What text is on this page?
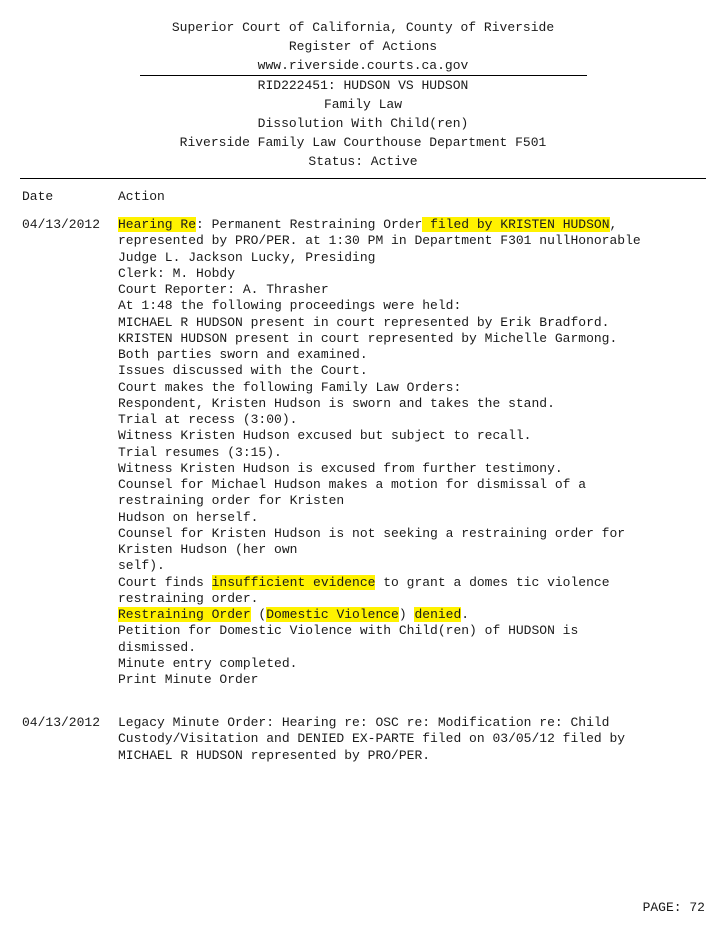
Superior Court of California, County of Riverside
Register of Actions
www.riverside.courts.ca.gov
RID222451: HUDSON VS HUDSON
Family Law
Dissolution With Child(ren)
Riverside Family Law Courthouse Department F501
Status: Active
Date	Action
04/13/2012 Hearing Re: Permanent Restraining Order filed by KRISTEN HUDSON,
represented by PRO/PER. at 1:30 PM in Department F301 nullHonorable
Judge L. Jackson Lucky, Presiding
Clerk: M. Hobdy
Court Reporter: A. Thrasher
At 1:48 the following proceedings were held:
MICHAEL R HUDSON present in court represented by Erik Bradford.
KRISTEN HUDSON present in court represented by Michelle Garmong.
Both parties sworn and examined.
Issues discussed with the Court.
Court makes the following Family Law Orders:
Respondent, Kristen Hudson is sworn and takes the stand.
Trial at recess (3:00).
Witness Kristen Hudson excused but subject to recall.
Trial resumes (3:15).
Witness Kristen Hudson is excused from further testimony.
Counsel for Michael Hudson makes a motion for dismissal of a
restraining order for Kristen
Hudson on herself.
Counsel for Kristen Hudson is not seeking a restraining order for
Kristen Hudson (her own
self).
Court finds insufficient evidence to grant a domes tic violence
restraining order.
Restraining Order (Domestic Violence) denied.
Petition for Domestic Violence with Child(ren) of HUDSON is
dismissed.
Minute entry completed.
Print Minute Order
04/13/2012 Legacy Minute Order: Hearing re: OSC re: Modification re: Child
Custody/Visitation and DENIED EX-PARTE filed on 03/05/12 filed by
MICHAEL R HUDSON represented by PRO/PER.
PAGE: 72
